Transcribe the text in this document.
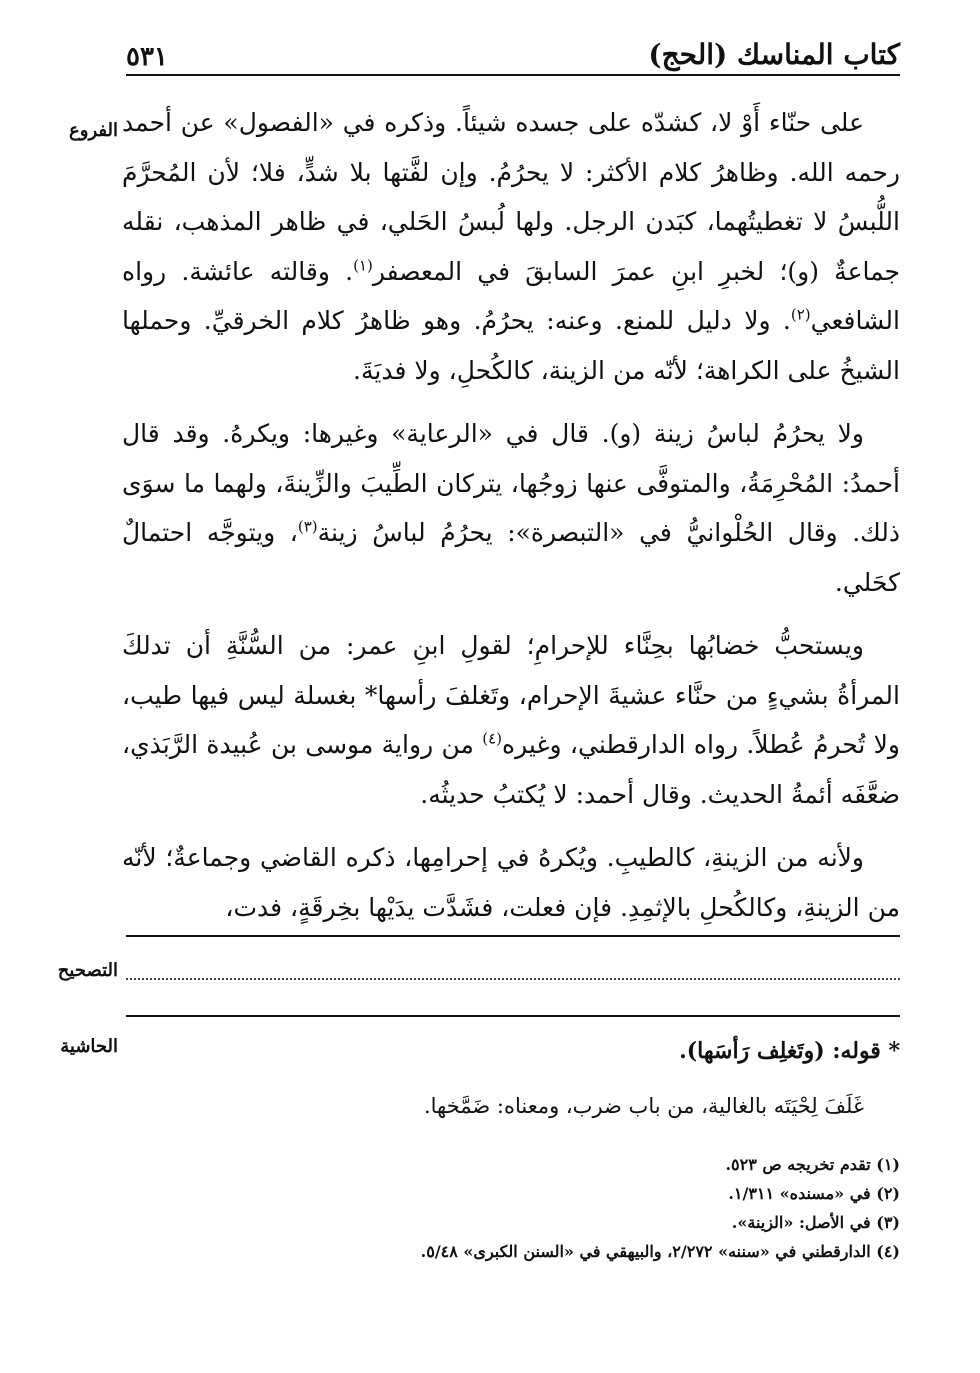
٥٣١	كتاب المناسك (الحج)
الفروع على حنّاء أَوْ لا، كشدّه على جسده شيئاً. وذكره في «الفصول» عن أحمد رحمه الله. وظاهرُ كلام الأكثر: لا يحرُمُ. وإن لفَّتها بلا شدٍّ، فلا؛ لأن المُحرَّمَ اللُّبسُ لا تغطيتُهما، كبَدن الرجل. ولها لُبسُ الحَلي، في ظاهر المذهب، نقله جماعةٌ (و)؛ لخبرِ ابنِ عمرَ السابقَ في المعصفر$^{(١)}$. وقالته عائشة. رواه الشافعي$^{(٢)}$. ولا دليل للمنع. وعنه: يحرُمُ. وهو ظاهرُ كلام الخرقيِّ. وحملها الشيخُ على الكراهة؛ لأنّه من الزينة، كالكُحلِ، ولا فديَةَ.

ولا يحرُمُ لباسُ زينة (و). قال في «الرعاية» وغيرها: ويكرهُ. وقد قال أحمدُ: المُحْرِمَةُ، والمتوفَّى عنها زوجُها، يتركان الطِّيبَ والزِّينةَ، ولهما ما سوَى ذلك. وقال الحُلْوانيُّ في «التبصرة»: يحرُمُ لباسُ زينة$^{(٣)}$، ويتوجَّه احتمالٌ كحَلي.

ويستحبُّ خضابُها بحِنَّاء للإحرامِ؛ لقولِ ابنِ عمر: من السُّنَّةِ أن تدلكَ المرأةُ بشيءٍ من حنَّاء عشيةَ الإحرام، وتَغلفَ رأسها* بغسلة ليس فيها طيب، ولا تُحرمُ عُطلاً. رواه الدارقطني، وغيره$^{(٤)}$ من رواية موسى بن عُبيدة الرَّبَذي، ضعَّفَه أئمةُ الحديث. وقال أحمد: لا يُكتبُ حديثُه.

ولأنه من الزينةِ، كالطيبِ. ويُكرهُ في إحرامِها، ذكره القاضي وجماعةٌ؛ لأنّه من الزينةِ، وكالكُحلِ بالإثمِدِ. فإن فعلت، فشَدَّت يدَيْها بخِرقَةٍ، فدت،

التصحيح
الحاشية	* قوله: (وتَغلِف رَأسَها).
غَلَفَ لِحْيَتَه بالغالية، من باب ضرب، ومعناه: ضَمَّخها.
(١) تقدم تخريجه ص ٥٢٣.
(٢) في «مسنده» ١/٣١١.
(٣) في الأصل: «الزينة».
(٤) الدارقطني في «سننه» ٢/٢٧٢، والبيهقي في «السنن الكبرى» ٥/٤٨.
